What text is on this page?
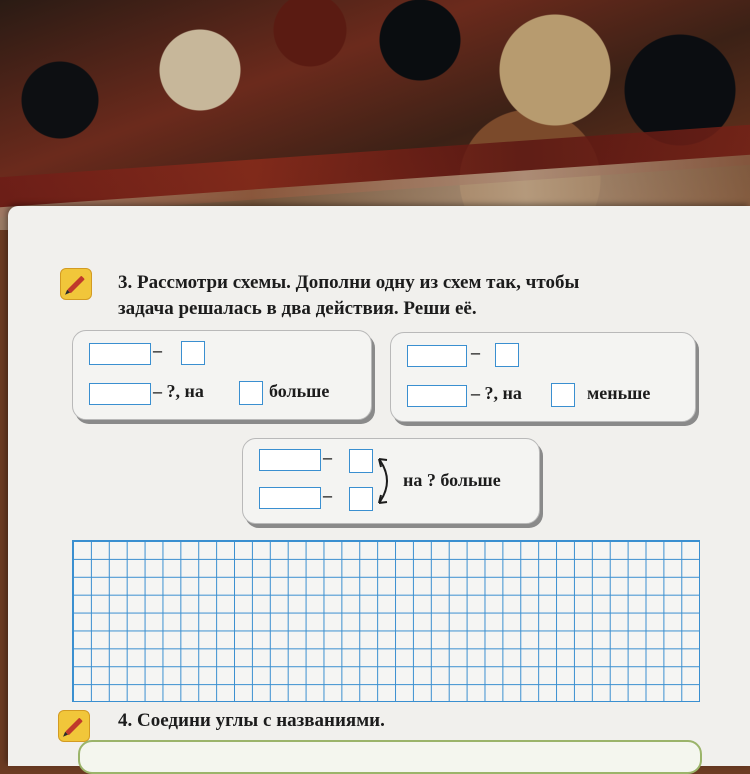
3. Рассмотри схемы. Дополни одну из схем так, чтобы
задача решалась в два действия. Реши её.
–
– ?, на	больше
–
– ?, на	меньше
–
–
на ? больше
4. Соедини углы с названиями.
